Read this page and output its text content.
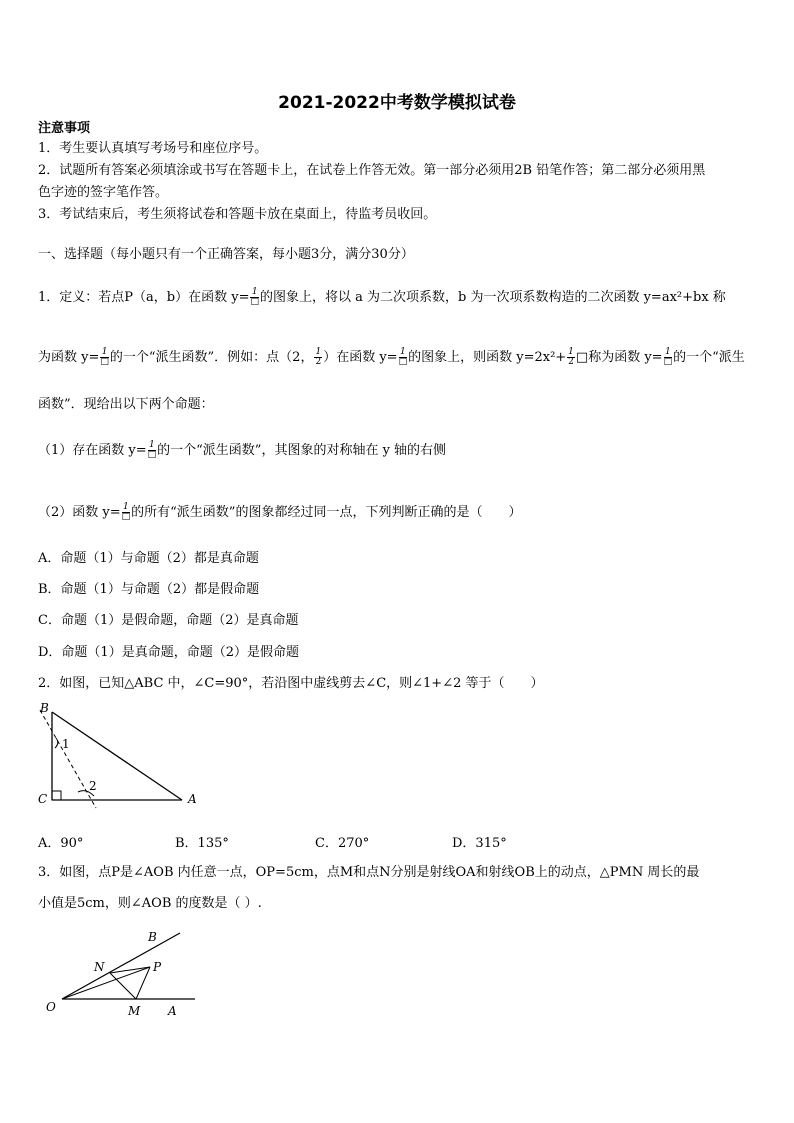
2021-2022中考数学模拟试卷
注意事项
1．考生要认真填写考场号和座位序号。
2．试题所有答案必须填涂或书写在答题卡上，在试卷上作答无效。第一部分必须用2B 铅笔作答；第二部分必须用黑
色字迹的签字笔作答。
3．考试结束后，考生须将试卷和答题卡放在桌面上，待监考员收回。
一、选择题（每小题只有一个正确答案，每小题3分，满分30分）
1．定义：若点P（a，b）在函数 $y= \frac{1}{□}$ 的图象上，将以 a 为二次项系数，b 为一次项系数构造的二次函数 y=ax²+bx 称
为函数 $y= \frac{1}{□}$ 的一个“派生函数”．例如：点（2， $\frac{1}{2}$ ）在函数 $y= \frac{1}{□}$ 的图象上，则函数 $y=2x^2+ \frac{1}{2}$ □称为函数 $y= \frac{1}{□}$ 的一个“派生
函数”．现给出以下两个命题：
（1）存在函数 $y= \frac{1}{□}$ 的一个“派生函数”，其图象的对称轴在 y 轴的右侧
（2）函数 $y= \frac{1}{□}$ 的所有“派生函数”的图象都经过同一点，下列判断正确的是（　　）
A．命题（1）与命题（2）都是真命题
B．命题（1）与命题（2）都是假命题
C．命题（1）是假命题，命题（2）是真命题
D．命题（1）是真命题，命题（2）是假命题
2．如图，已知△ABC 中，∠C=90°，若沿图中虚线剪去∠C，则∠1+∠2 等于（　　）
B
C	A
1
2
A．90°	B．135°	C．270°	D．315°
3．如图，点P是∠AOB 内任意一点，OP=5cm，点M和点N分别是射线OA和射线OB上的动点，△PMN 周长的最
小值是5cm，则∠AOB 的度数是（ ）.
B
N	P
O	M A
